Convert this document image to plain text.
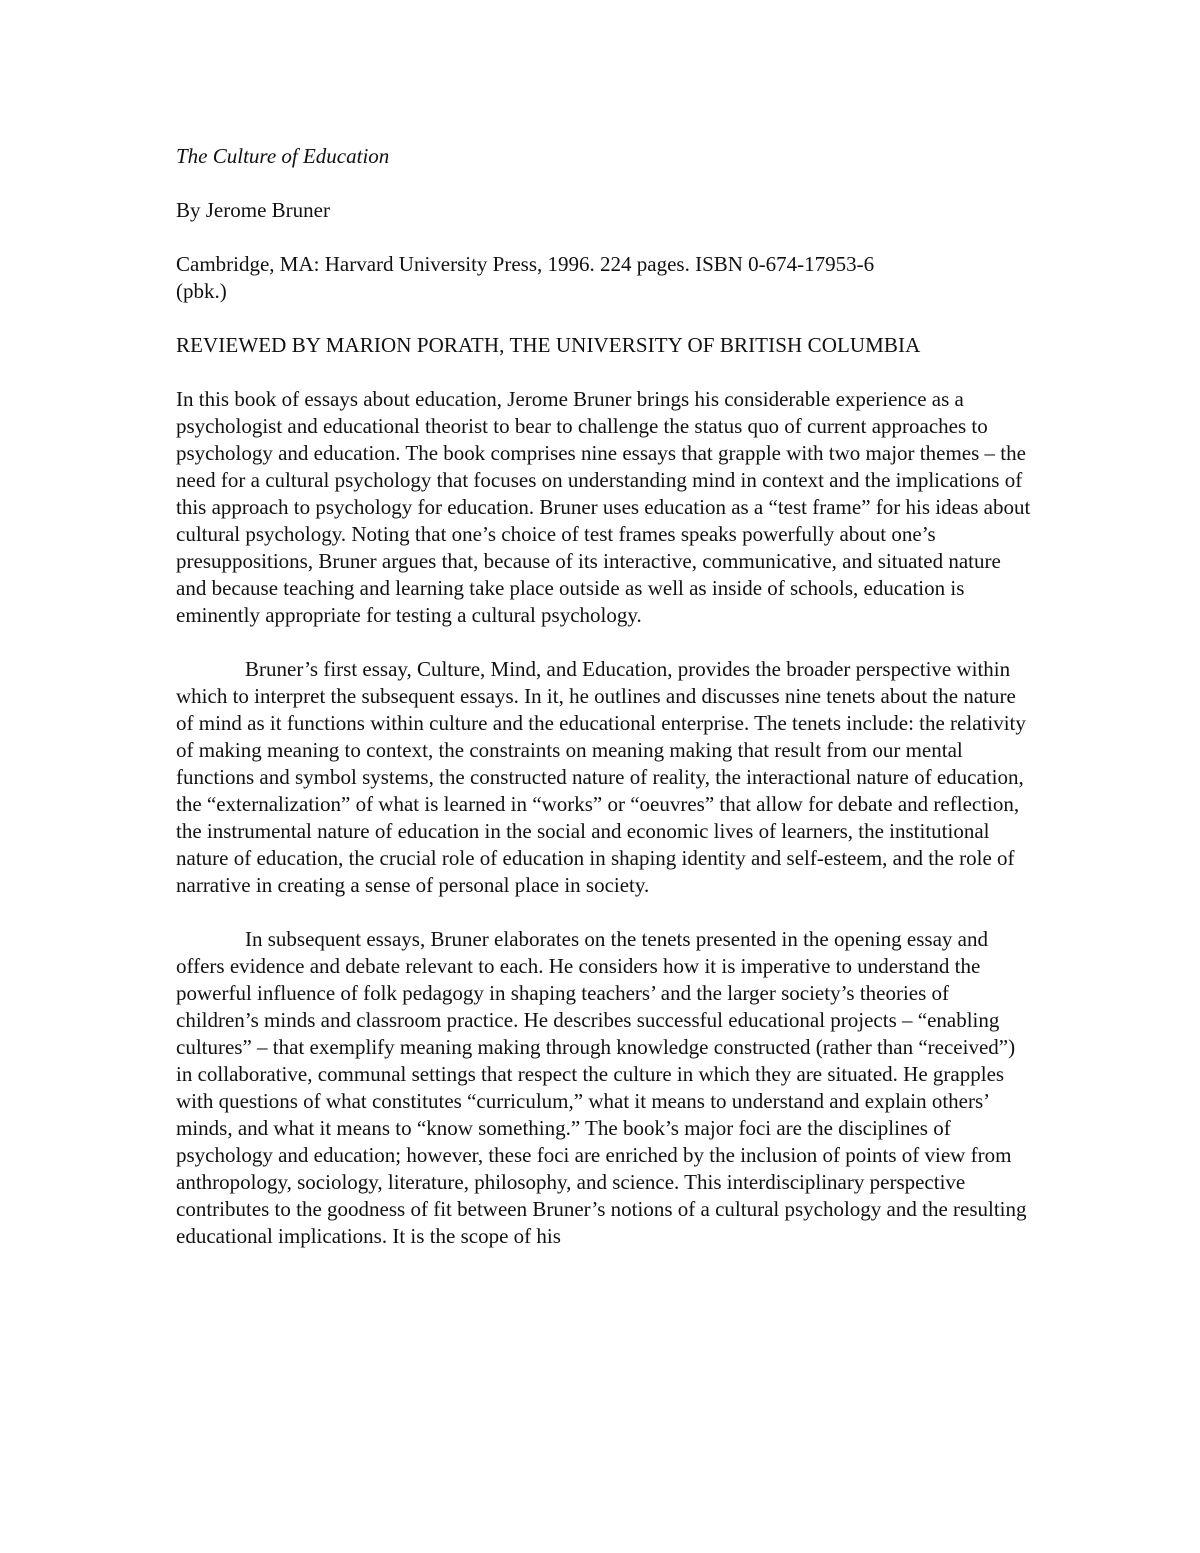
The Culture of Education

By Jerome Bruner

Cambridge, MA: Harvard University Press, 1996. 224 pages. ISBN 0-674-17953-6
(pbk.)

REVIEWED BY MARION PORATH, THE UNIVERSITY OF BRITISH COLUMBIA

In this book of essays about education, Jerome Bruner brings his considerable experience as a psychologist and educational theorist to bear to challenge the status quo of current approaches to psychology and education. The book comprises nine essays that grapple with two major themes – the need for a cultural psychology that focuses on understanding mind in context and the implications of this approach to psychology for education. Bruner uses education as a “test frame” for his ideas about cultural psychology. Noting that one’s choice of test frames speaks powerfully about one’s presuppositions, Bruner argues that, because of its interactive, communicative, and situated nature and because teaching and learning take place outside as well as inside of schools, education is eminently appropriate for testing a cultural psychology.

Bruner’s first essay, Culture, Mind, and Education, provides the broader perspective within which to interpret the subsequent essays. In it, he outlines and discusses nine tenets about the nature of mind as it functions within culture and the educational enterprise. The tenets include: the relativity of making meaning to context, the constraints on meaning making that result from our mental functions and symbol systems, the constructed nature of reality, the interactional nature of education, the “externalization” of what is learned in “works” or “oeuvres” that allow for debate and reflection, the instrumental nature of education in the social and economic lives of learners, the institutional nature of education, the crucial role of education in shaping identity and self-esteem, and the role of narrative in creating a sense of personal place in society.

In subsequent essays, Bruner elaborates on the tenets presented in the opening essay and offers evidence and debate relevant to each. He considers how it is imperative to understand the powerful influence of folk pedagogy in shaping teachers’ and the larger society’s theories of children’s minds and classroom practice. He describes successful educational projects – “enabling cultures” – that exemplify meaning making through knowledge constructed (rather than “received”) in collaborative, communal settings that respect the culture in which they are situated. He grapples with questions of what constitutes “curriculum,” what it means to understand and explain others’ minds, and what it means to “know something.” The book’s major foci are the disciplines of psychology and education; however, these foci are enriched by the inclusion of points of view from anthropology, sociology, literature, philosophy, and science. This interdisciplinary perspective contributes to the goodness of fit between Bruner’s notions of a cultural psychology and the resulting educational implications. It is the scope of his
